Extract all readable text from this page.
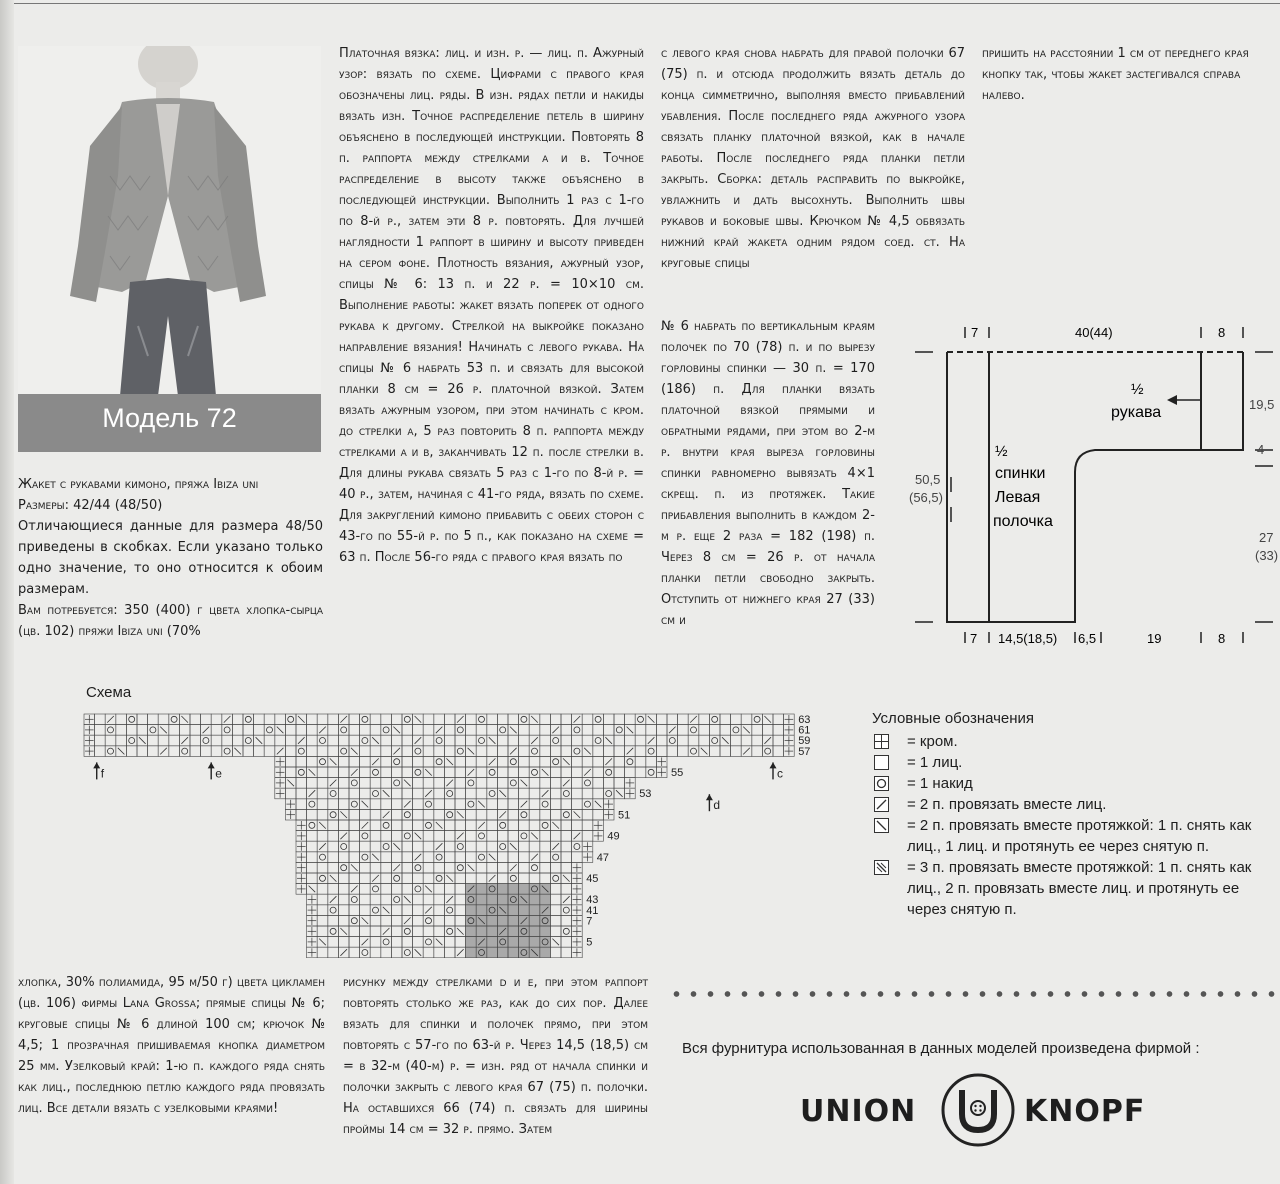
Модель 72

Жакет с рукавами кимоно, пряжа Ibiza uni

Размеры: 42/44 (48/50)

Отличающиеся данные для размера 48/50 приведены в скобках. Если указано только одно значение, то оно относится к обоим размерам.

Вам потребуется: 350 (400) г цвета хлопка-сырца (цв. 102) пряжи Ibiza uni (70%

Платочная вязка: лиц. и изн. р. — лиц. п. Ажурный узор: вязать по схеме. Цифрами с правого края обозначены лиц. ряды. В изн. рядах петли и накиды вязать изн. Точное распределение петель в ширину объяснено в последующей инструкции. Повторять 8 п. раппорта между стрелками a и b. Точное распределение в высоту также объяснено в последующей инструкции. Выполнить 1 раз с 1-го по 8-й р., затем эти 8 р. повторять. Для лучшей наглядности 1 раппорт в ширину и высоту приведен на сером фоне. Плотность вязания, ажурный узор, спицы № 6: 13 п. и 22 р. = 10×10 см. Выполнение работы: жакет вязать поперек от одного рукава к другому. Стрелкой на выкройке показано направление вязания! Начинать с левого рукава. На спицы № 6 набрать 53 п. и связать для высокой планки 8 см = 26 р. платочной вязкой. Затем вязать ажурным узором, при этом начинать с кром. до стрелки a, 5 раз повторить 8 п. раппорта между стрелками a и b, заканчивать 12 п. после стрелки b. Для длины рукава связать 5 раз с 1-го по 8-й р. = 40 р., затем, начиная с 41-го ряда, вязать по схеме. Для закруглений кимоно прибавить с обеих сторон с 43-го по 55-й р. по 5 п., как показано на схеме = 63 п. После 56-го ряда с правого края вязать по

с левого края снова набрать для правой полочки 67 (75) п. и отсюда продолжить вязать деталь до конца симметрично, выполняя вместо прибавлений убавления. После последнего ряда ажурного узора связать планку платочной вязкой, как в начале работы. После последнего ряда планки петли закрыть. Сборка: деталь расправить по выкройке, увлажнить и дать высохнуть. Выполнить швы рукавов и боковые швы. Крючком № 4,5 обвязать нижний край жакета одним рядом соед. ст. На круговые спицы

№ 6 набрать по вертикальным краям полочек по 70 (78) п. и по вырезу горловины спинки — 30 п. = 170 (186) п. Для планки вязать платочной вязкой прямыми и обратными рядами, при этом во 2-м р. внутри края выреза горловины спинки равномерно вывязать 4×1 скрещ. п. из протяжек. Такие прибавления выполнить в каждом 2-м р. еще 2 раза = 182 (198) п. Через 8 см = 26 р. от начала планки петли свободно закрыть. Отступить от нижнего края 27 (33) см и

пришить на расстоянии 1 см от переднего края кнопку так, чтобы жакет застегивался справа налево.

7	40(44)	8
19,5
4
27
(33)
50,5
(56,5)
½
рукава
½
спинки
Левая
полочка
7 14,5(18,5) 6,5	19	8
Схема
63
61
59
57
55
53
51
49
47
45
43
41
7
5
f	e
d
c
Условные обозначения
= кром.
= 1 лиц.
= 1 накид
= 2 п. провязать вместе лиц.
= 2 п. провязать вместе протяжкой: 1 п. снять как лиц., 1 лиц. и протянуть ее через снятую п.
= 3 п. провязать вместе протяжкой: 1 п. снять как лиц., 2 п. провязать вместе лиц. и протянуть ее через снятую п.

хлопка, 30% полиамида, 95 м/50 г) цвета цикламен (цв. 106) фирмы Lana Grossa; прямые спицы № 6; круговые спицы № 6 длиной 100 см; крючок № 4,5; 1 прозрачная пришиваемая кнопка диаметром 25 мм. Узелковый край: 1-ю п. каждого ряда снять как лиц., последнюю петлю каждого ряда провязать лиц. Все детали вязать с узелковыми краями!

рисунку между стрелками d и e, при этом раппорт повторять столько же раз, как до сих пор. Далее вязать для спинки и полочек прямо, при этом повторять с 57-го по 63-й р. Через 14,5 (18,5) см = в 32-м (40-м) р. = изн. ряд от начала спинки и полочки закрыть с левого края 67 (75) п. полочки. На оставшихся 66 (74) п. связать для ширины проймы 14 см = 32 р. прямо. Затем

Вся фурнитура использованная в данных моделей произведена фирмой :
UNION	KNOPF
